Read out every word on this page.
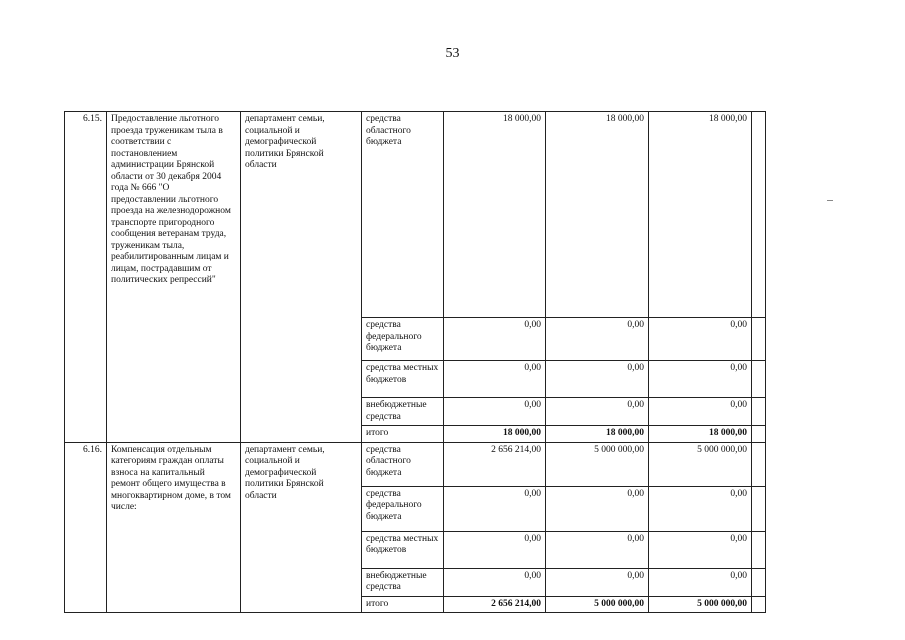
53
6.15.	Предоставление льготного проезда труженикам тыла в соответствии с постановлением администрации Брянской области от 30 декабря 2004 года № 666 "О предоставлении льготного проезда на железнодорожном транспорте пригородного сообщения ветеранам труда, труженикам тыла, реабилитированным лицам и лицам, пострадавшим от политических репрессий"	департамент семьи, социальной и демографической политики Брянской области	средства областного бюджета	18 000,00	18 000,00	18 000,00	
			средства федерального бюджета	0,00	0,00	0,00	
			средства местных бюджетов	0,00	0,00	0,00	
			внебюджетные средства	0,00	0,00	0,00	
			итого	18 000,00	18 000,00	18 000,00	
6.16.	Компенсация отдельным категориям граждан оплаты взноса на капитальный ремонт общего имущества в многоквартирном доме, в том числе:	департамент семьи, социальной и демографической политики Брянской области	средства областного бюджета	2 656 214,00	5 000 000,00	5 000 000,00	
			средства федерального бюджета	0,00	0,00	0,00	
			средства местных бюджетов	0,00	0,00	0,00	
			внебюджетные средства	0,00	0,00	0,00	
			итого	2 656 214,00	5 000 000,00	5 000 000,00	
